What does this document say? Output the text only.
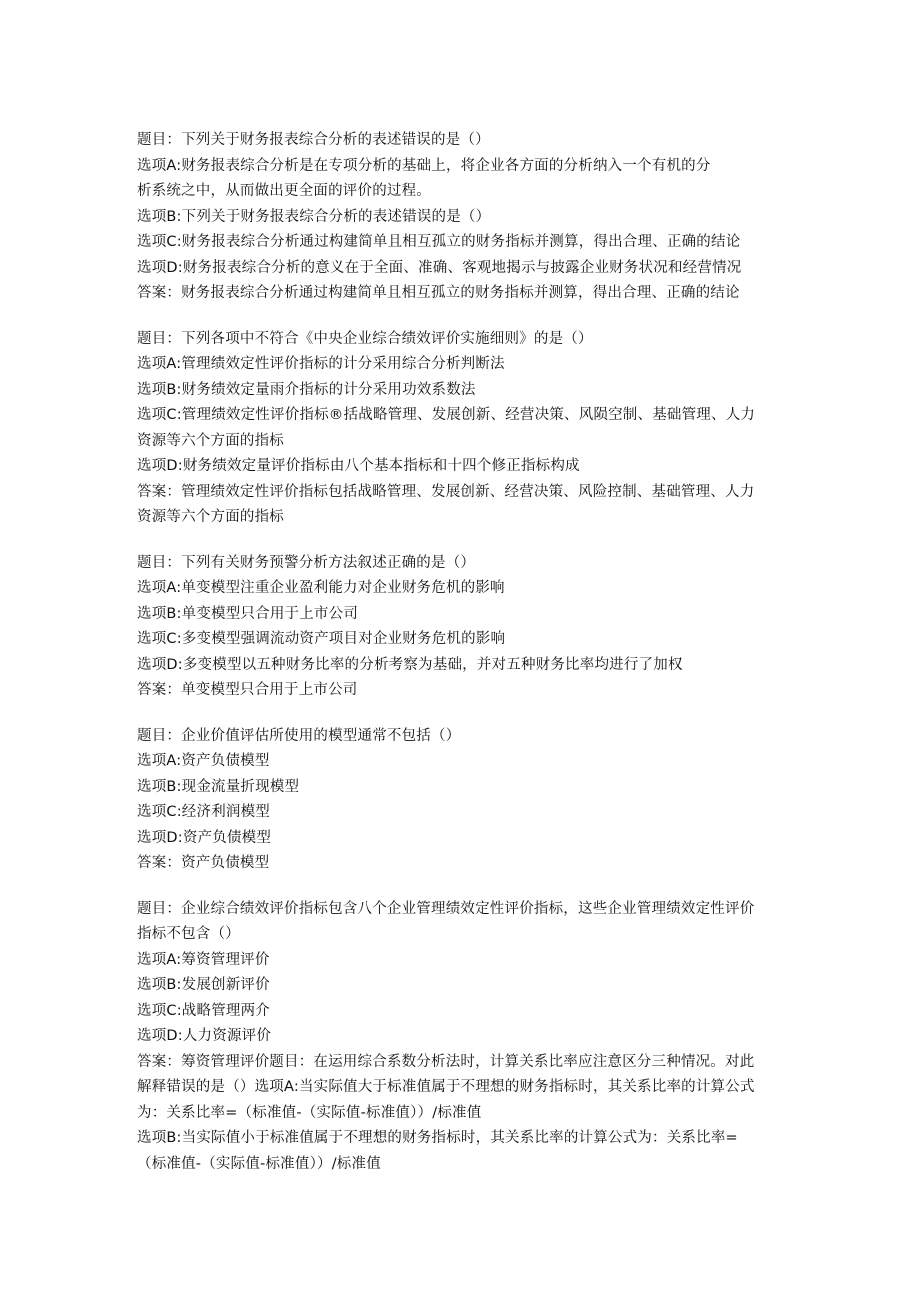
题目：下列关于财务报表综合分析的表述错误的是（）
选项A:财务报表综合分析是在专项分析的基础上，将企业各方面的分析纳入一个有机的分
析系统之中，从而做出更全面的评价的过程。
选项B:下列关于财务报表综合分析的表述错误的是（）
选项C:财务报表综合分析通过构建简单且相互孤立的财务指标并测算，得出合理、正确的结论
选项D:财务报表综合分析的意义在于全面、准确、客观地揭示与披露企业财务状况和经营情况
答案：财务报表综合分析通过构建简单且相互孤立的财务指标并测算，得出合理、正确的结论
题目：下列各项中不符合《中央企业综合绩效评价实施细则》的是（）
选项A:管理绩效定性评价指标的计分采用综合分析判断法
选项B:财务绩效定量雨介指标的计分采用功效系数法
选项C:管理绩效定性评价指标®括战略管理、发展创新、经营决策、风陨空制、基础管理、人力
资源等六个方面的指标
选项D:财务绩效定量评价指标由八个基本指标和十四个修正指标构成
答案：管理绩效定性评价指标包括战略管理、发展创新、经营决策、风险控制、基础管理、人力
资源等六个方面的指标
题目：下列有关财务预警分析方法叙述正确的是（）
选项A:单变模型注重企业盈利能力对企业财务危机的影响
选项B:单变模型只合用于上市公司
选项C:多变模型强调流动资产项目对企业财务危机的影响
选项D:多变模型以五种财务比率的分析考察为基础，并对五种财务比率均进行了加权
答案：单变模型只合用于上市公司
题目：企业价值评估所使用的模型通常不包括（）
选项A:资产负债模型
选项B:现金流量折现模型
选项C:经济利润模型
选项D:资产负债模型
答案：资产负债模型
题目：企业综合绩效评价指标包含八个企业管理绩效定性评价指标，这些企业管理绩效定性评价
指标不包含（）
选项A:筹资管理评价
选项B:发展创新评价
选项C:战略管理两介
选项D:人力资源评价
答案：筹资管理评价题目：在运用综合系数分析法时，计算关系比率应注意区分三种情况。对此
解释错误的是（）选项A:当实际值大于标准值属于不理想的财务指标时，其关系比率的计算公式
为：关系比率=（标准值-（实际值-标准值））/标准值
选项B:当实际值小于标准值属于不理想的财务指标时，其关系比率的计算公式为：关系比率=
（标准值-（实际值-标准值））/标准值
